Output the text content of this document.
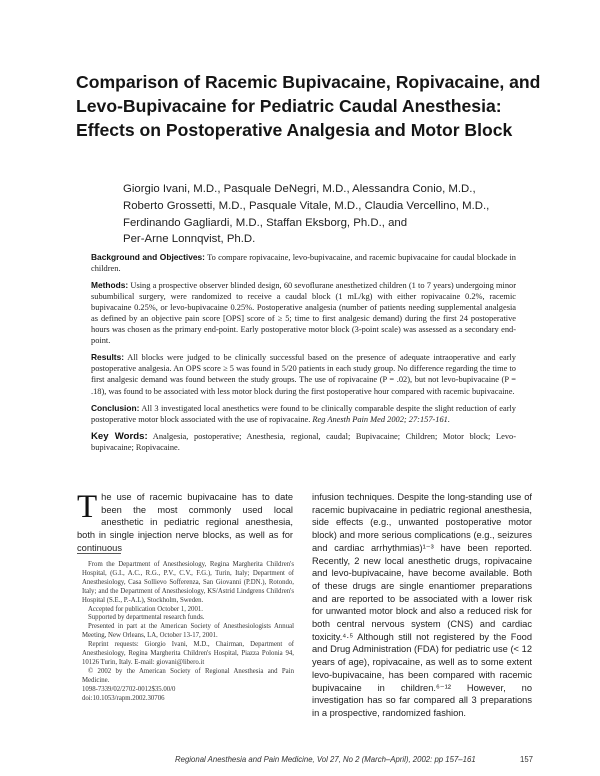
Comparison of Racemic Bupivacaine, Ropivacaine, and Levo-Bupivacaine for Pediatric Caudal Anesthesia: Effects on Postoperative Analgesia and Motor Block
Giorgio Ivani, M.D., Pasquale DeNegri, M.D., Alessandra Conio, M.D.,
Roberto Grossetti, M.D., Pasquale Vitale, M.D., Claudia Vercellino, M.D.,
Ferdinando Gagliardi, M.D., Staffan Eksborg, Ph.D., and
Per-Arne Lonnqvist, Ph.D.

Background and Objectives: To compare ropivacaine, levo-bupivacaine, and racemic bupivacaine for caudal blockade in children.

Methods: Using a prospective observer blinded design, 60 sevoflurane anesthetized children (1 to 7 years) undergoing minor subumbilical surgery, were randomized to receive a caudal block (1 mL/kg) with either ropivacaine 0.2%, racemic bupivacaine 0.25%, or levo-bupivacaine 0.25%. Postoperative analgesia (number of patients needing supplemental analgesia as defined by an objective pain score [OPS] score of ≥ 5; time to first analgesic demand) during the first 24 postoperative hours was chosen as the primary end-point. Early postoperative motor block (3-point scale) was assessed as a secondary end-point.

Results: All blocks were judged to be clinically successful based on the presence of adequate intraoperative and early postoperative analgesia. An OPS score ≥ 5 was found in 5/20 patients in each study group. No difference regarding the time to first analgesic demand was found between the study groups. The use of ropivacaine (P = .02), but not levo-bupivacaine (P = .18), was found to be associated with less motor block during the first postoperative hour compared with racemic bupivacaine.

Conclusion: All 3 investigated local anesthetics were found to be clinically comparable despite the slight reduction of early postoperative motor block associated with the use of ropivacaine. Reg Anesth Pain Med 2002; 27:157-161.

Key Words: Analgesia, postoperative; Anesthesia, regional, caudal; Bupivacaine; Children; Motor block; Levo-bupivacaine; Ropivacaine.

The use of racemic bupivacaine has to date been the most commonly used local anesthetic in pediatric regional anesthesia, both in single injection nerve blocks, as well as for continuous

From the Department of Anesthesiology, Regina Margherita Children's Hospital, (G.I., A.C., R.G., P.V., C.V., F.G.), Turin, Italy; Department of Anesthesiology, Casa Sollievo Sofferenza, San Giovanni (P.DN.), Rotondo, Italy; and the Department of Anesthesiology, KS/Astrid Lindgrens Children's Hospital (S.E., P.-A.L), Stockholm, Sweden.

Accepted for publication October 1, 2001.

Supported by departmental research funds.

Presented in part at the American Society of Anesthesiologists Annual Meeting, New Orleans, LA, October 13-17, 2001.

Reprint requests: Giorgio Ivani, M.D., Chairman, Department of Anesthesiology, Regina Margherita Children's Hospital, Piazza Polonia 94, 10126 Turin, Italy. E-mail: giovani@libero.it

© 2002 by the American Society of Regional Anesthesia and Pain Medicine.

1098-7339/02/2702-0012$35.00/0

doi:10.1053/rapm.2002.30706

infusion techniques. Despite the long-standing use of racemic bupivacaine in pediatric regional anesthesia, side effects (e.g., unwanted postoperative motor block) and more serious complications (e.g., seizures and cardiac arrhythmias)¹⁻³ have been reported. Recently, 2 new local anesthetic drugs, ropivacaine and levo-bupivacaine, have become available. Both of these drugs are single enantiomer preparations and are reported to be associated with a lower risk for unwanted motor block and also a reduced risk for both central nervous system (CNS) and cardiac toxicity.⁴·⁵ Although still not registered by the Food and Drug Administration (FDA) for pediatric use (< 12 years of age), ropivacaine, as well as to some extent levo-bupivacaine, has been compared with racemic bupivacaine in children.⁶⁻¹² However, no investigation has so far compared all 3 preparations in a prospective, randomized fashion.

Regional Anesthesia and Pain Medicine, Vol 27, No 2 (March–April), 2002: pp 157–161	157
